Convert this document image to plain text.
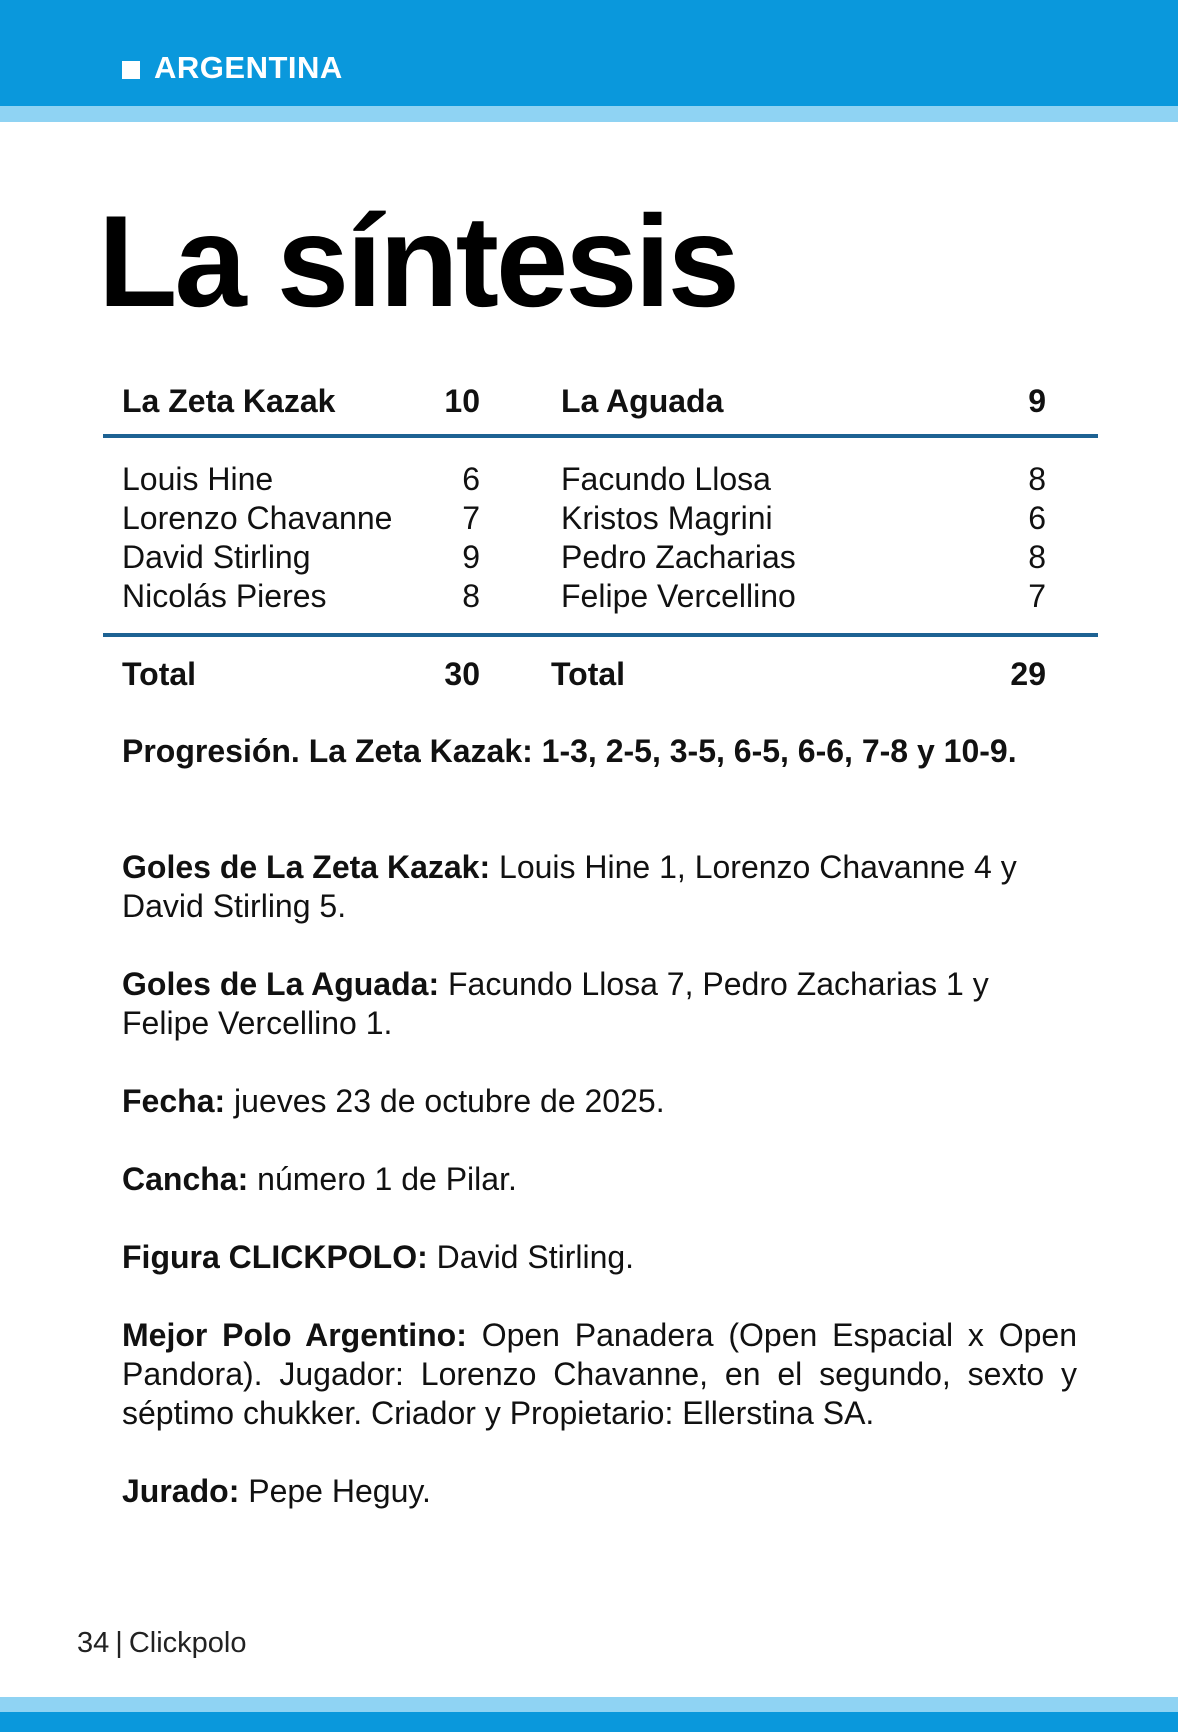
ARGENTINA
La síntesis
La Zeta Kazak	10	La Aguada	9
Louis Hine	6	Facundo Llosa	8
Lorenzo Chavanne 7	Kristos Magrini	6
David Stirling	9	Pedro Zacharias	8
Nicolás Pieres	8	Felipe Vercellino	7
Total	30 Total	29

Progresión. La Zeta Kazak: 1-3, 2-5, 3-5, 6-5, 6-6, 7-8 y 10-9.

Goles de La Zeta Kazak: Louis Hine 1, Lorenzo Chavanne 4 y David Stirling 5.

Goles de La Aguada: Facundo Llosa 7, Pedro Zacharias 1 y Felipe Vercellino 1.

Fecha: jueves 23 de octubre de 2025.

Cancha: número 1 de Pilar.

Figura CLICKPOLO: David Stirling.

Mejor Polo Argentino: Open Panadera (Open Espacial x Open Pandora). Jugador: Lorenzo Chavanne, en el segundo, sexto y séptimo chukker. Criador y Propietario: Ellerstina SA.

Jurado: Pepe Heguy.

34 | Clickpolo
